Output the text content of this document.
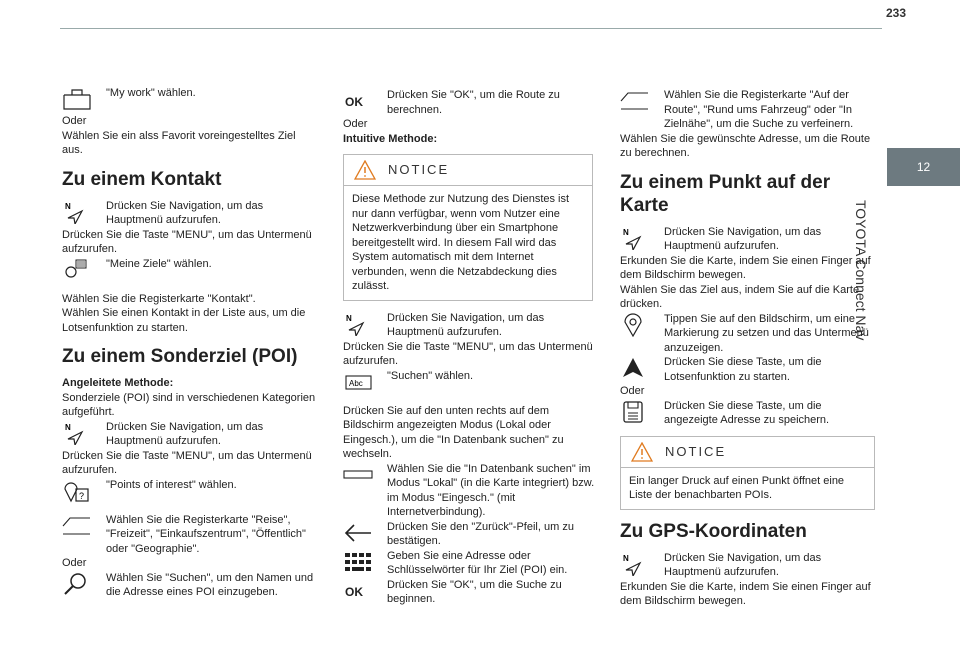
233
12
TOYOTA Connect Nav

"My work" wählen.

Oder

Wählen Sie ein alss Favorit voreingestelltes Ziel aus.

Zu einem Kontakt
N	Drücken Sie Navigation, um das Hauptmenü aufzurufen.

Drücken Sie die Taste "MENU", um das Untermenü aufzurufen.

"Meine Ziele" wählen.

Wählen Sie die Registerkarte "Kontakt".

Wählen Sie einen Kontakt in der Liste aus, um die Lotsenfunktion zu starten.

Zu einem Sonderziel (POI)

Angeleitete Methode:

Sonderziele (POI) sind in verschiedenen Kategorien aufgeführt.

N	Drücken Sie Navigation, um das Hauptmenü aufzurufen.

Drücken Sie die Taste "MENU", um das Untermenü aufzurufen.

?

"Points of interest" wählen.

Wählen Sie die Registerkarte "Reise", "Freizeit", "Einkaufszentrum", "Öffentlich" oder "Geographie".

Oder

Wählen Sie "Suchen", um den Namen und die Adresse eines POI einzugeben.

OK Drücken Sie "OK", um die Route zu berechnen.

Oder

Intuitive Methode:

NOTICE
Diese Methode zur Nutzung des Dienstes ist nur dann verfügbar, wenn vom Nutzer eine Netzwerkverbindung über ein Smartphone bereitgestellt wird. In diesem Fall wird das System automatisch mit dem Internet verbunden, wenn die Netzabdeckung dies zulässt.
N	Drücken Sie Navigation, um das Hauptmenü aufzurufen.

Drücken Sie die Taste "MENU", um das Untermenü aufzurufen.

Abc

"Suchen" wählen.

Drücken Sie auf den unten rechts auf dem Bildschirm angezeigten Modus (Lokal oder Eingesch.), um die "In Datenbank suchen" zu wechseln.

Wählen Sie die "In Datenbank suchen" im Modus "Lokal" (in die Karte integriert) bzw. im Modus "Eingesch." (mit Internetverbindung).

Drücken Sie den "Zurück"-Pfeil, um zu bestätigen.

Geben Sie eine Adresse oder Schlüsselwörter für Ihr Ziel (POI) ein.

OK Drücken Sie "OK", um die Suche zu beginnen.

Wählen Sie die Registerkarte "Auf der Route", "Rund ums Fahrzeug" oder "In Zielnähe", um die Suche zu verfeinern.

Wählen Sie die gewünschte Adresse, um die Route zu berechnen.

Zu einem Punkt auf der Karte
N	Drücken Sie Navigation, um das Hauptmenü aufzurufen.

Erkunden Sie die Karte, indem Sie einen Finger auf dem Bildschirm bewegen.

Wählen Sie das Ziel aus, indem Sie auf die Karte drücken.

Tippen Sie auf den Bildschirm, um eine Markierung zu setzen und das Untermenü anzuzeigen.

Drücken Sie diese Taste, um die Lotsenfunktion zu starten.

Oder

Drücken Sie diese Taste, um die angezeigte Adresse zu speichern.

NOTICE
Ein langer Druck auf einen Punkt öffnet eine Liste der benachbarten POIs.
Zu GPS-Koordinaten
N	Drücken Sie Navigation, um das Hauptmenü aufzurufen.

Erkunden Sie die Karte, indem Sie einen Finger auf dem Bildschirm bewegen.
